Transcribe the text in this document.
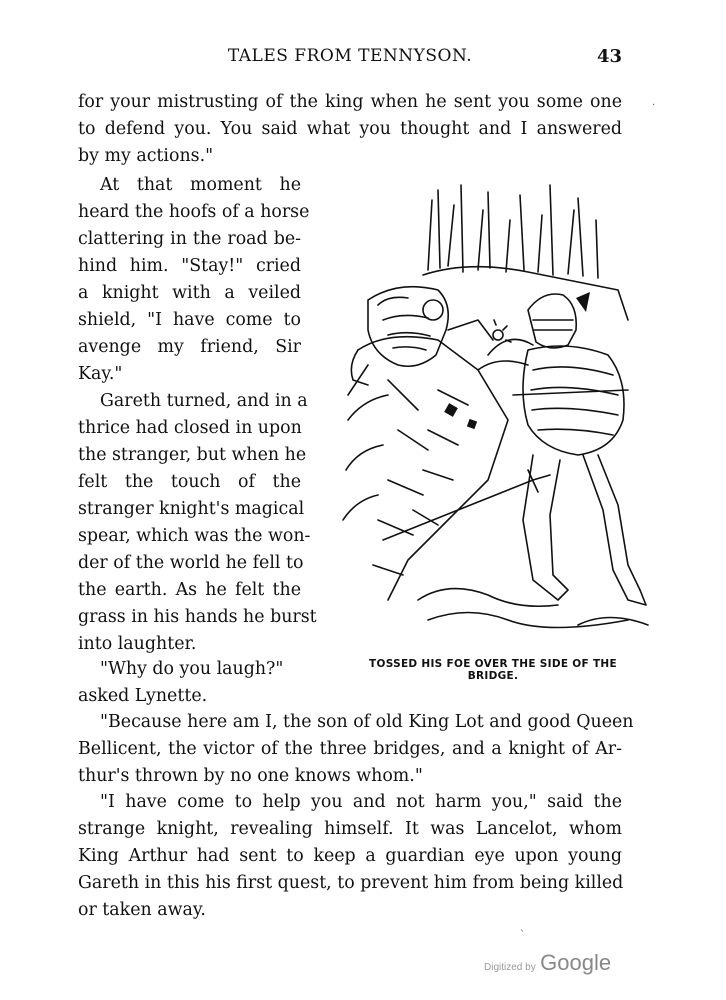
TALES FROM TENNYSON.	43
for your mistrusting of the king when he sent you some one
to defend you. You said what you thought and I answered
by my actions."
At that moment he
heard the hoofs of a horse
clattering in the road be-
hind him. "Stay!" cried
a knight with a veiled
shield, "I have come to
avenge my friend, Sir
Kay."
Gareth turned, and in a
thrice had closed in upon
the stranger, but when he
felt the touch of the
stranger knight's magical
spear, which was the won-
der of the world he fell to
the earth. As he felt the
grass in his hands he burst
into laughter.
"Why do you laugh?"
asked Lynette.
"Because here am I, the son of old King Lot and good Queen
Bellicent, the victor of the three bridges, and a knight of Ar-
thur's thrown by no one knows whom."
"I have come to help you and not harm you," said the
strange knight, revealing himself. It was Lancelot, whom
King Arthur had sent to keep a guardian eye upon young
Gareth in this his first quest, to prevent him from being killed
or taken away.
TOSSED HIS FOE OVER THE SIDE OF THE
BRIDGE.
Digitized by Google
·
ˋ
